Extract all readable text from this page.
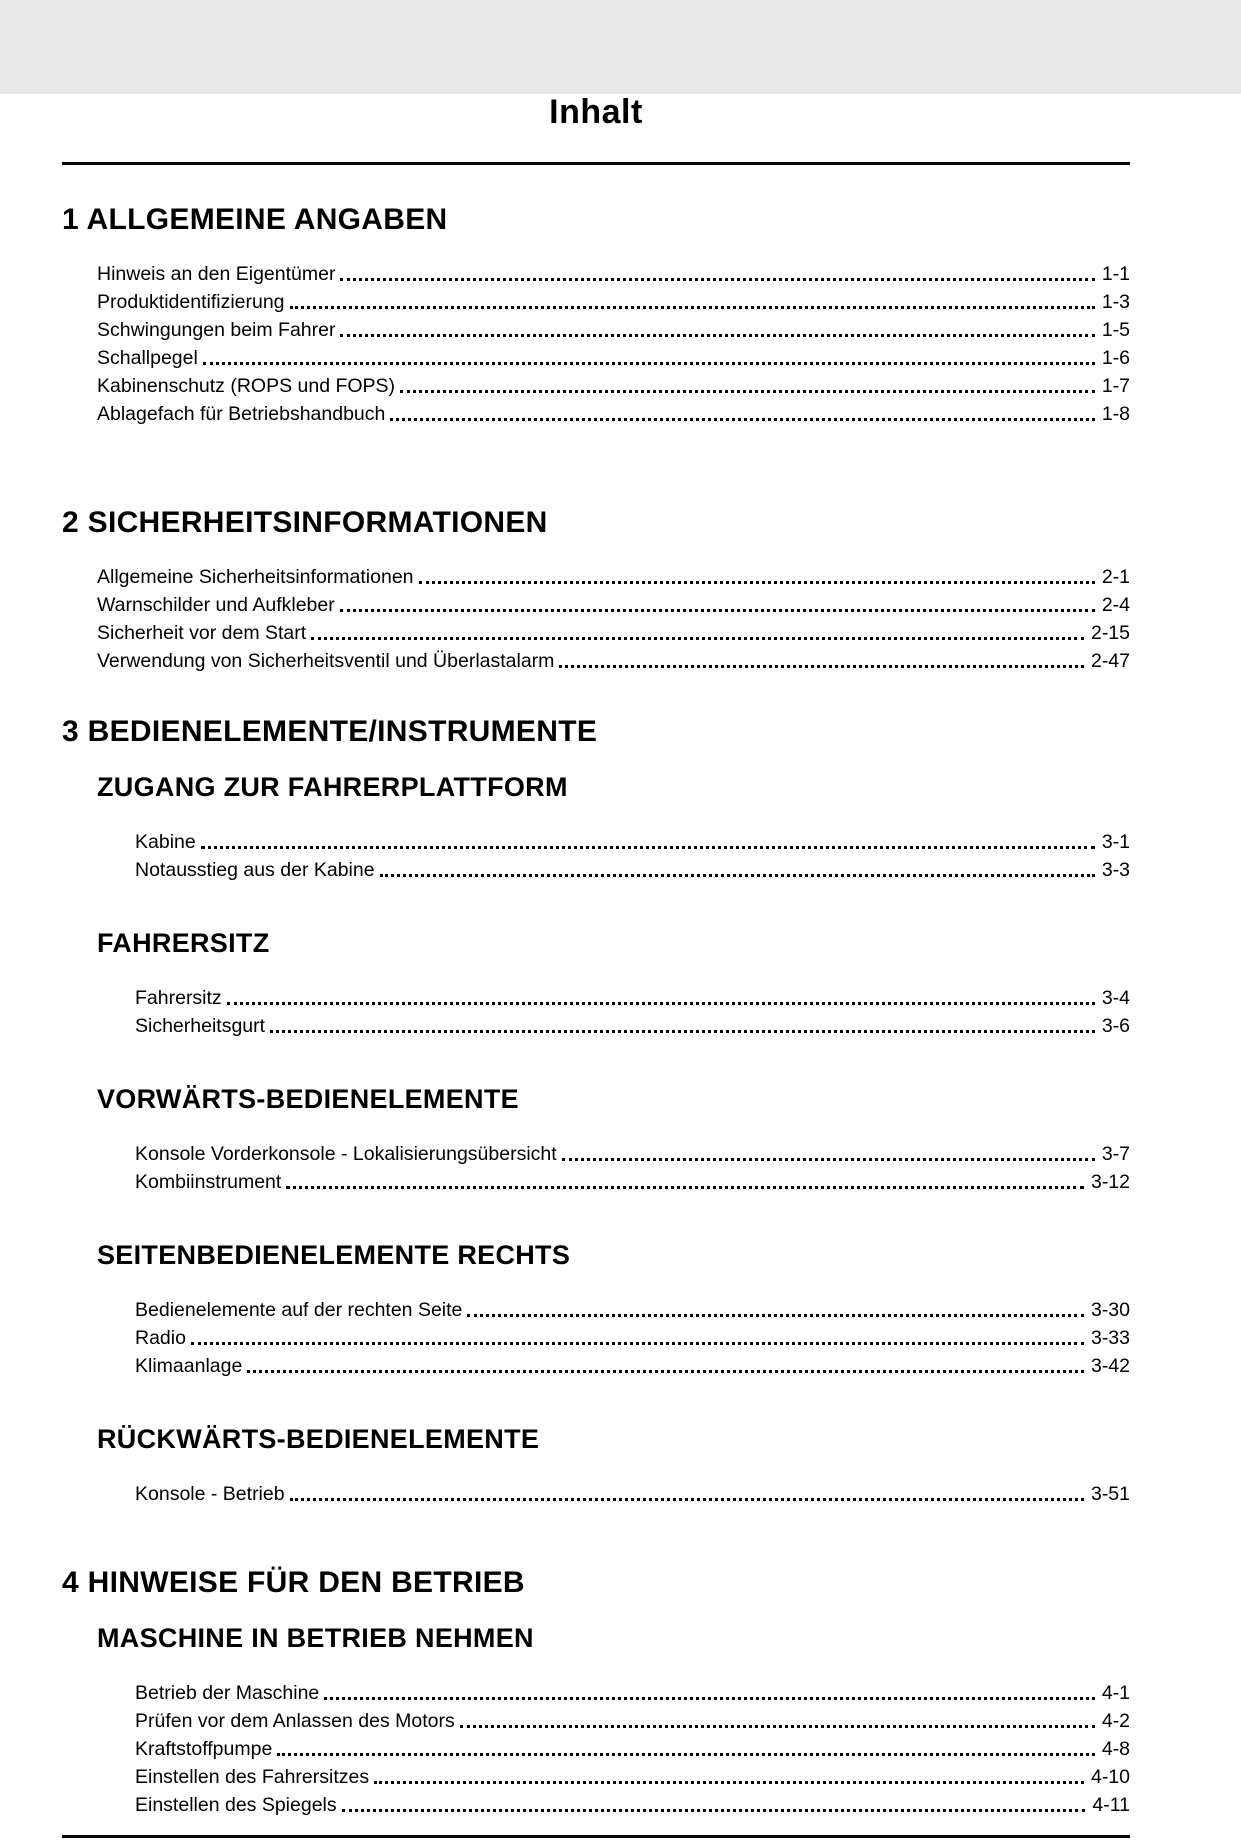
Inhalt
1 ALLGEMEINE ANGABEN
Hinweis an den Eigentümer	1-1
Produktidentifizierung	1-3
Schwingungen beim Fahrer	1-5
Schallpegel	1-6
Kabinenschutz (ROPS und FOPS)	1-7
Ablagefach für Betriebshandbuch	1-8
2 SICHERHEITSINFORMATIONEN
Allgemeine Sicherheitsinformationen	2-1
Warnschilder und Aufkleber	2-4
Sicherheit vor dem Start	2-15
Verwendung von Sicherheitsventil und Überlastalarm	2-47
3 BEDIENELEMENTE/INSTRUMENTE
ZUGANG ZUR FAHRERPLATTFORM
Kabine	3-1
Notausstieg aus der Kabine	3-3
FAHRERSITZ
Fahrersitz	3-4
Sicherheitsgurt	3-6
VORWÄRTS-BEDIENELEMENTE
Konsole Vorderkonsole - Lokalisierungsübersicht	3-7
Kombiinstrument	3-12
SEITENBEDIENELEMENTE RECHTS
Bedienelemente auf der rechten Seite	3-30
Radio	3-33
Klimaanlage	3-42
RÜCKWÄRTS-BEDIENELEMENTE
Konsole - Betrieb	3-51
4 HINWEISE FÜR DEN BETRIEB
MASCHINE IN BETRIEB NEHMEN
Betrieb der Maschine	4-1
Prüfen vor dem Anlassen des Motors	4-2
Kraftstoffpumpe	4-8
Einstellen des Fahrersitzes	4-10
Einstellen des Spiegels	4-11
